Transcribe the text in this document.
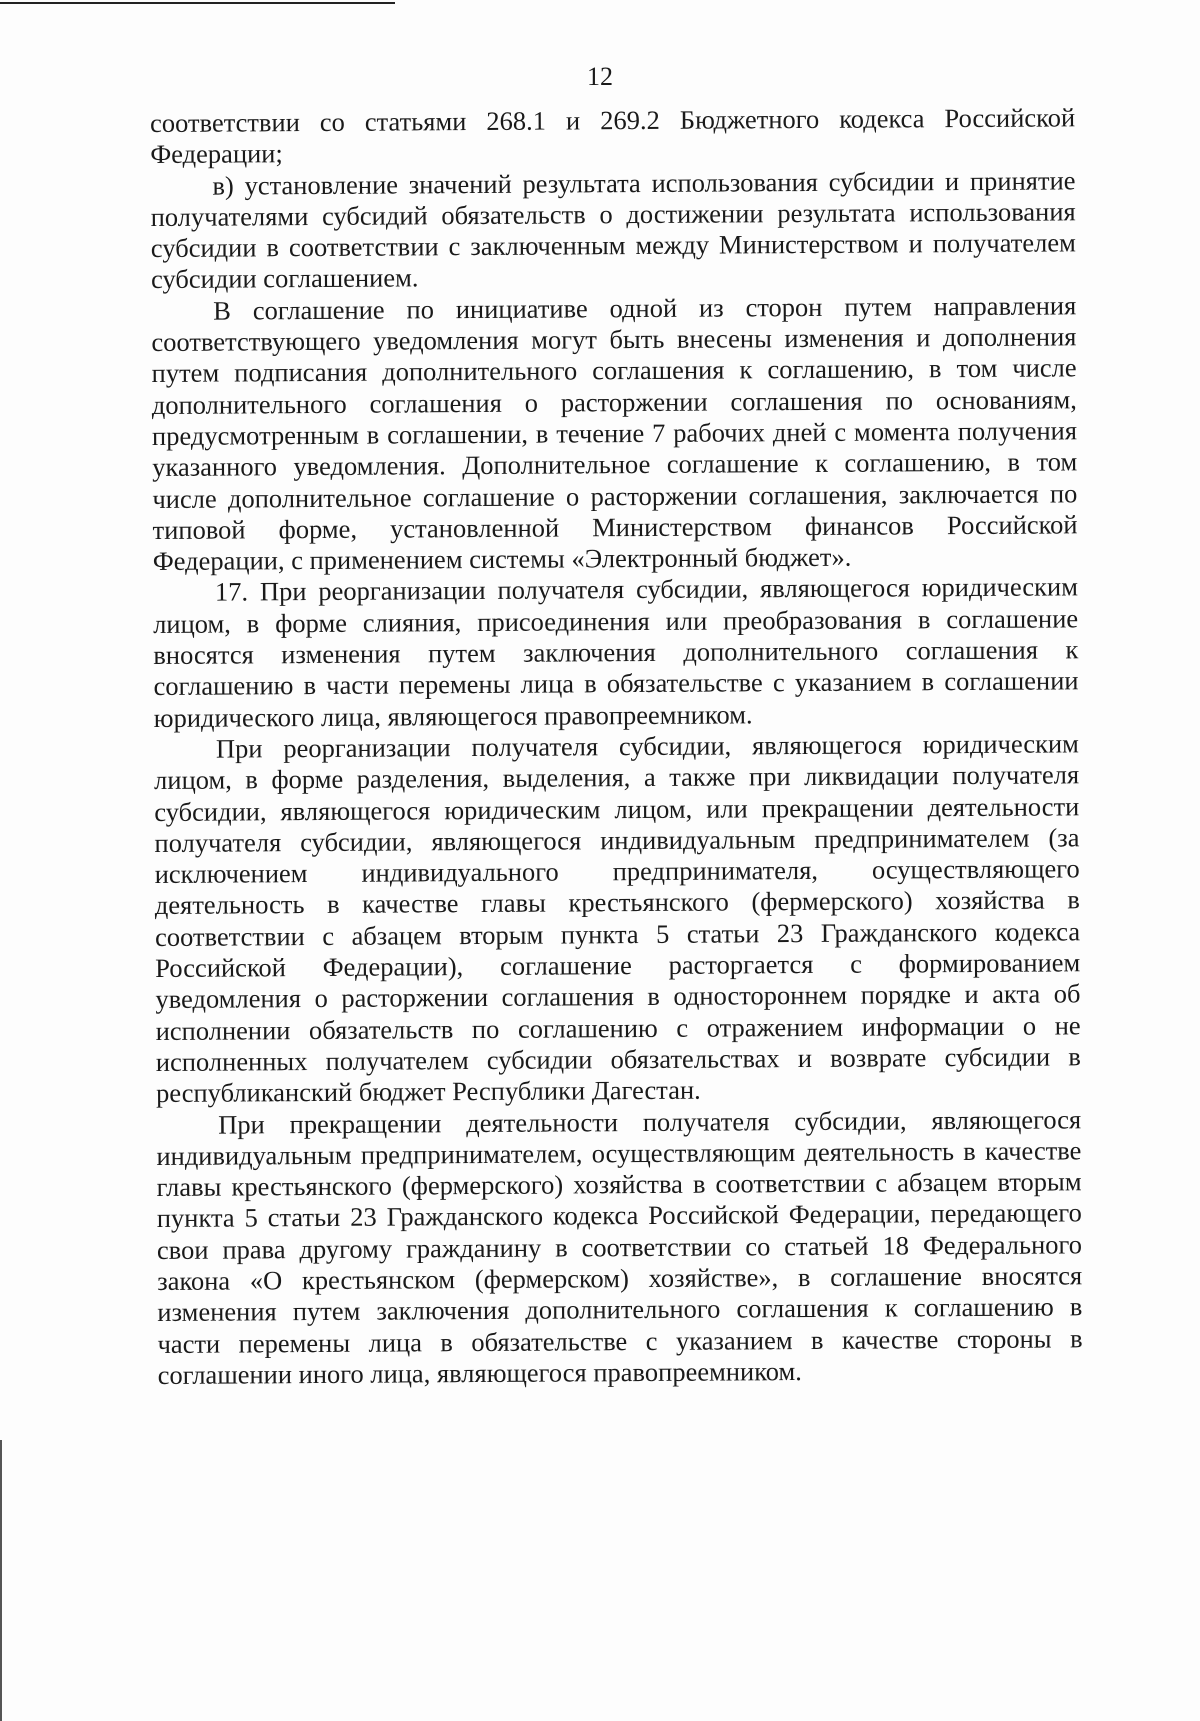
12

соответствии со статьями 268.1 и 269.2 Бюджетного кодекса Российской Федерации;

в) установление значений результата использования субсидии и принятие получателями субсидий обязательств о достижении результата использования субсидии в соответствии с заключенным между Министерством и получателем субсидии соглашением.

В соглашение по инициативе одной из сторон путем направления соответствующего уведомления могут быть внесены изменения и дополнения путем подписания дополнительного соглашения к соглашению, в том числе дополнительного соглашения о расторжении соглашения по основаниям, предусмотренным в соглашении, в течение 7 рабочих дней с момента получения указанного уведомления. Дополнительное соглашение к соглашению, в том числе дополнительное соглашение о расторжении соглашения, заключается по типовой форме, установленной Министерством финансов Российской Федерации, с применением системы «Электронный бюджет».

17. При реорганизации получателя субсидии, являющегося юридическим лицом, в форме слияния, присоединения или преобразования в соглашение вносятся изменения путем заключения дополнительного соглашения к соглашению в части перемены лица в обязательстве с указанием в соглашении юридического лица, являющегося правопреемником.

При реорганизации получателя субсидии, являющегося юридическим лицом, в форме разделения, выделения, а также при ликвидации получателя субсидии, являющегося юридическим лицом, или прекращении деятельности получателя субсидии, являющегося индивидуальным предпринимателем (за исключением индивидуального предпринимателя, осуществляющего деятельность в качестве главы крестьянского (фермерского) хозяйства в соответствии с абзацем вторым пункта 5 статьи 23 Гражданского кодекса Российской Федерации), соглашение расторгается с формированием уведомления о расторжении соглашения в одностороннем порядке и акта об исполнении обязательств по соглашению с отражением информации о не исполненных получателем субсидии обязательствах и возврате субсидии в республиканский бюджет Республики Дагестан.

При прекращении деятельности получателя субсидии, являющегося индивидуальным предпринимателем, осуществляющим деятельность в качестве главы крестьянского (фермерского) хозяйства в соответствии с абзацем вторым пункта 5 статьи 23 Гражданского кодекса Российской Федерации, передающего свои права другому гражданину в соответствии со статьей 18 Федерального закона «О крестьянском (фермерском) хозяйстве», в соглашение вносятся изменения путем заключения дополнительного соглашения к соглашению в части перемены лица в обязательстве с указанием в качестве стороны в соглашении иного лица, являющегося правопреемником.
